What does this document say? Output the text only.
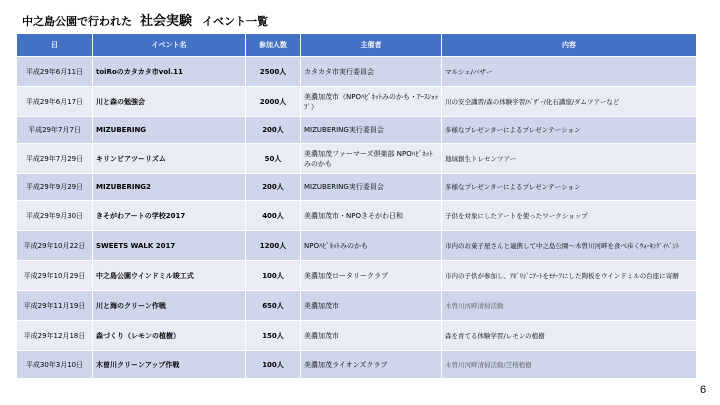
中之島公園で行われた 社会実験 イベント一覧
日	イベント名	参加人数	主催者	内容
平成29年6月11日	toiRoのカタカタ市vol.11	2500人	カタカタ市実行委員会	マルシェ/バザー
平成29年6月17日	川と森の勉強会	2000人	美濃加茂市（NPOﾊﾋﾞﾈｯﾄみのかも・ｱｰｽｼｮｯﾌﾟ）	川の安全講習/森の体験学習/ﾊﾞｻﾞｰ/化石講座/ダムツアーなど
平成29年7月7日	MIZUBERING	200人	MIZUBERING実行委員会	多様なプレゼンターによるプレゼンテーション
平成29年7月29日	キリンビアツーリズム	50人	美濃加茂ファーマーズ倶楽部 NPOﾊﾋﾞﾈｯﾄみのかも	地域創生トレセンツアー
平成29年9月29日	MIZUBERING2	200人	MIZUBERING実行委員会	多様なプレゼンターによるプレゼンテーション
平成29年9月30日	きそがわアートの学校2017	400人	美濃加茂市・NPOきそがわ日和	子供を対象にしたアートを使ったワークショップ
平成29年10月22日	SWEETS WALK 2017	1200人	NPOﾊﾋﾞﾈｯﾄみのかも	市内のお菓子屋さんと連携して中之島公園～木曽川河畔を食べ歩くｳｫｰｷﾝｸﾞｲﾍﾞﾝﾄ
平成29年10月29日	中之島公園ウインドミル竣工式	100人	美濃加茂ロータリークラブ	市内の子供が参加し、ｱﾎﾞﾘｼﾞﾆｱｰﾄをﾓﾁｰﾌにした陶板をウインドミルの台座に寄贈
平成29年11月19日	川と海のクリーン作戦	650人	美濃加茂市	木曽川河畔清掃活動
平成29年12月18日	森づくり（レモンの植樹）	150人	美濃加茂市	森を育てる体験学習/レモンの植樹
平成30年3月10日	木曽川クリーンアップ作戦	100人	美濃加茂ライオンズクラブ	木曽川河畔清掃活動/芝桜植樹
6
